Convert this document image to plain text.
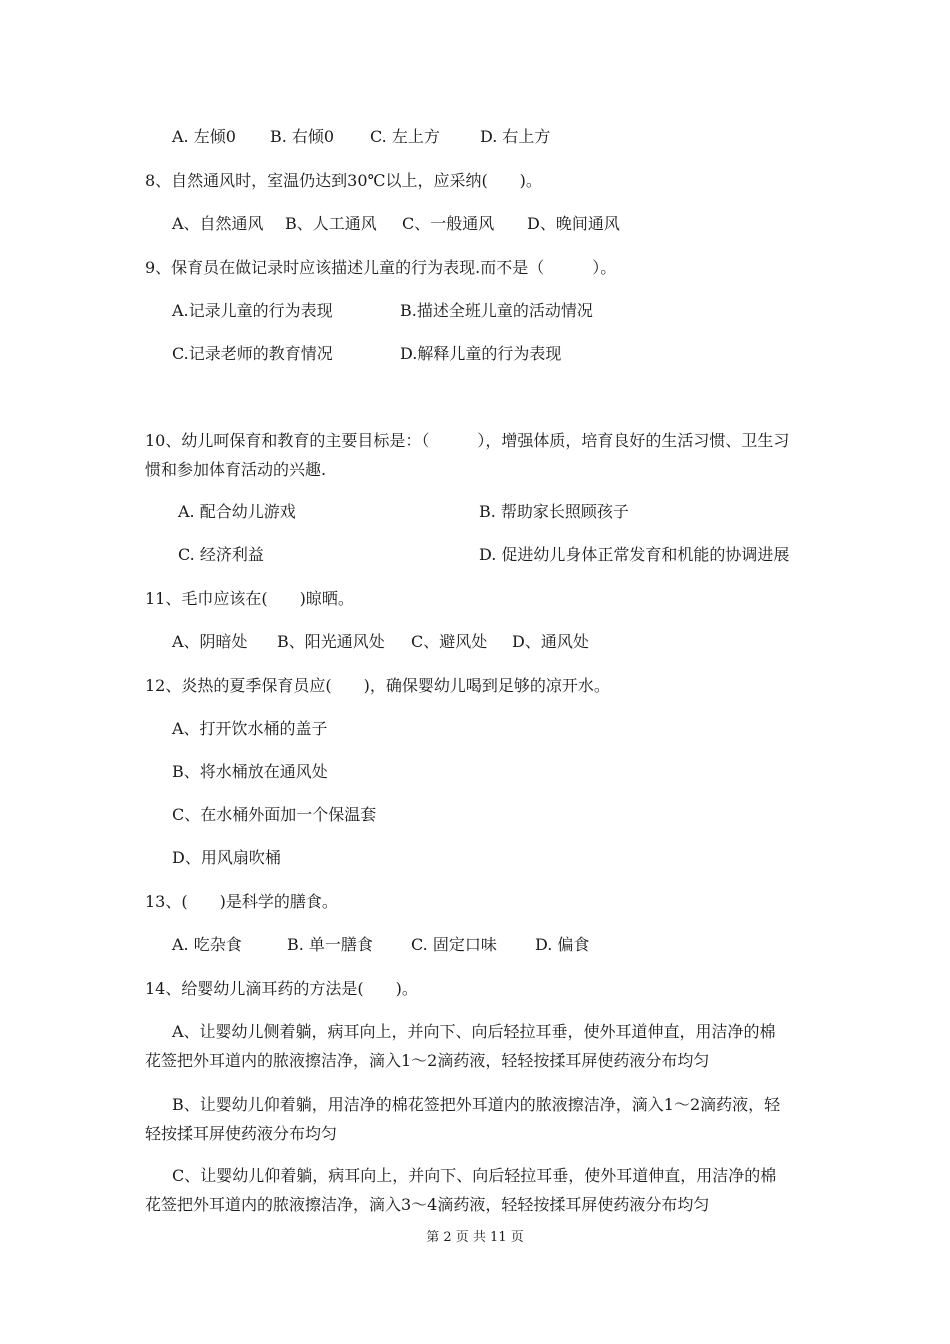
A. 左倾0 B. 右倾0 C. 左上方	D. 右上方
8、自然通风时，室温仍达到30℃以上，应采纳(　　)。
A、自然通风 B、人工通风 C、一般通风 D、晚间通风
9、保育员在做记录时应该描述儿童的行为表现.而不是（　　　）。
A.记录儿童的行为表现	B.描述全班儿童的活动情况
C.记录老师的教育情况	D.解释儿童的行为表现
10、幼儿呵保育和教育的主要目标是：（　　　），增强体质，培育良好的生活习惯、卫生习
惯和参加体育活动的兴趣.
A. 配合幼儿游戏	B. 帮助家长照顾孩子
C. 经济利益	D. 促进幼儿身体正常发育和机能的协调进展
11、毛巾应该在(　　)晾晒。
A、阴暗处 B、阳光通风处 C、避风处 D、通风处
12、炎热的夏季保育员应(　　)，确保婴幼儿喝到足够的凉开水。
A、打开饮水桶的盖子
B、将水桶放在通风处
C、在水桶外面加一个保温套
D、用风扇吹桶
13、(　　)是科学的膳食。
A. 吃杂食	B. 单一膳食 C. 固定口味 D. 偏食
14、给婴幼儿滴耳药的方法是(　　)。
A、让婴幼儿侧着躺，病耳向上，并向下、向后轻拉耳垂，使外耳道伸直，用洁净的棉
花签把外耳道内的脓液擦洁净，滴入1～2滴药液，轻轻按揉耳屏使药液分布均匀
B、让婴幼儿仰着躺，用洁净的棉花签把外耳道内的脓液擦洁净，滴入1～2滴药液，轻
轻按揉耳屏使药液分布均匀
C、让婴幼儿仰着躺，病耳向上，并向下、向后轻拉耳垂，使外耳道伸直，用洁净的棉
花签把外耳道内的脓液擦洁净，滴入3～4滴药液，轻轻按揉耳屏使药液分布均匀
第 2 页 共 11 页
